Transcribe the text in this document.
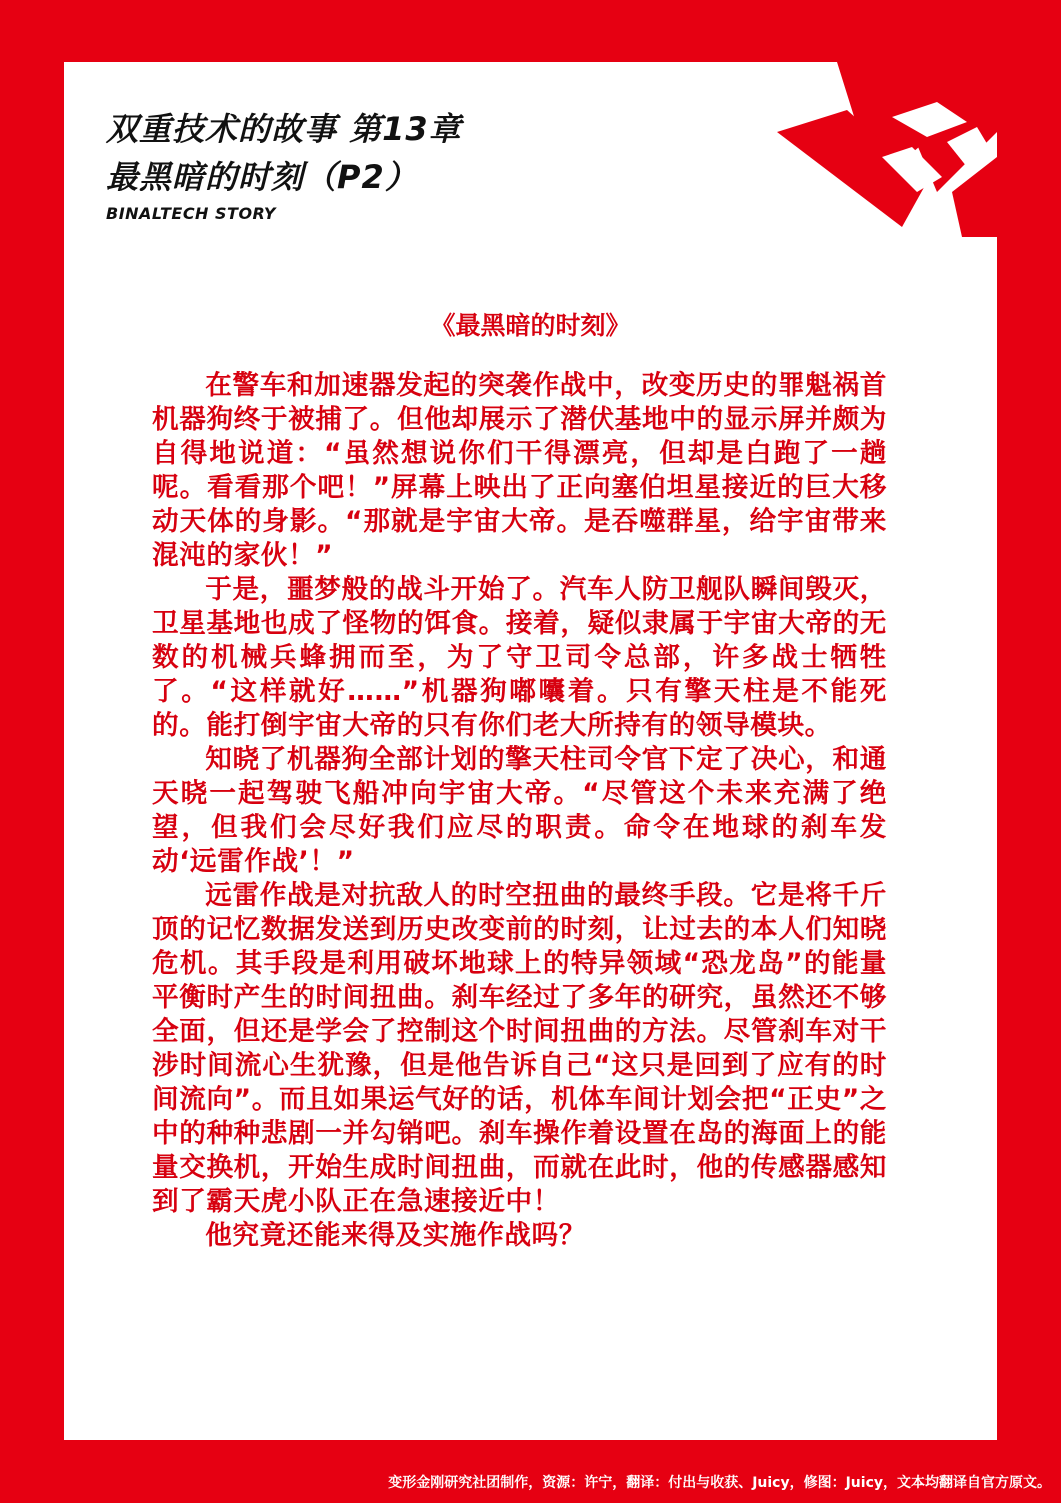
双重技术的故事 第13章
最黑暗的时刻（P2）
BINALTECH STORY
《最黑暗的时刻》

在警车和加速器发起的突袭作战中，改变历史的罪魁祸首机器狗终于被捕了。但他却展示了潜伏基地中的显示屏并颇为自得地说道：“虽然想说你们干得漂亮，但却是白跑了一趟呢。看看那个吧！”屏幕上映出了正向塞伯坦星接近的巨大移动天体的身影。“那就是宇宙大帝。是吞噬群星，给宇宙带来混沌的家伙！”

于是，噩梦般的战斗开始了。汽车人防卫舰队瞬间毁灭，卫星基地也成了怪物的饵食。接着，疑似隶属于宇宙大帝的无数的机械兵蜂拥而至，为了守卫司令总部，许多战士牺牲了。“这样就好……”机器狗嘟囔着。只有擎天柱是不能死的。能打倒宇宙大帝的只有你们老大所持有的领导模块。

知晓了机器狗全部计划的擎天柱司令官下定了决心，和通天晓一起驾驶飞船冲向宇宙大帝。“尽管这个未来充满了绝望，但我们会尽好我们应尽的职责。命令在地球的刹车发动‘远雷作战’！”

远雷作战是对抗敌人的时空扭曲的最终手段。它是将千斤顶的记忆数据发送到历史改变前的时刻，让过去的本人们知晓危机。其手段是利用破坏地球上的特异领域“恐龙岛”的能量平衡时产生的时间扭曲。刹车经过了多年的研究，虽然还不够全面，但还是学会了控制这个时间扭曲的方法。尽管刹车对干涉时间流心生犹豫，但是他告诉自己“这只是回到了应有的时间流向”。而且如果运气好的话，机体车间计划会把“正史”之中的种种悲剧一并勾销吧。刹车操作着设置在岛的海面上的能量交换机，开始生成时间扭曲，而就在此时，他的传感器感知到了霸天虎小队正在急速接近中！

他究竟还能来得及实施作战吗？

变形金刚研究社团制作，资源：许宁，翻译：付出与收获、Juicy，修图：Juicy，文本均翻译自官方原文。
